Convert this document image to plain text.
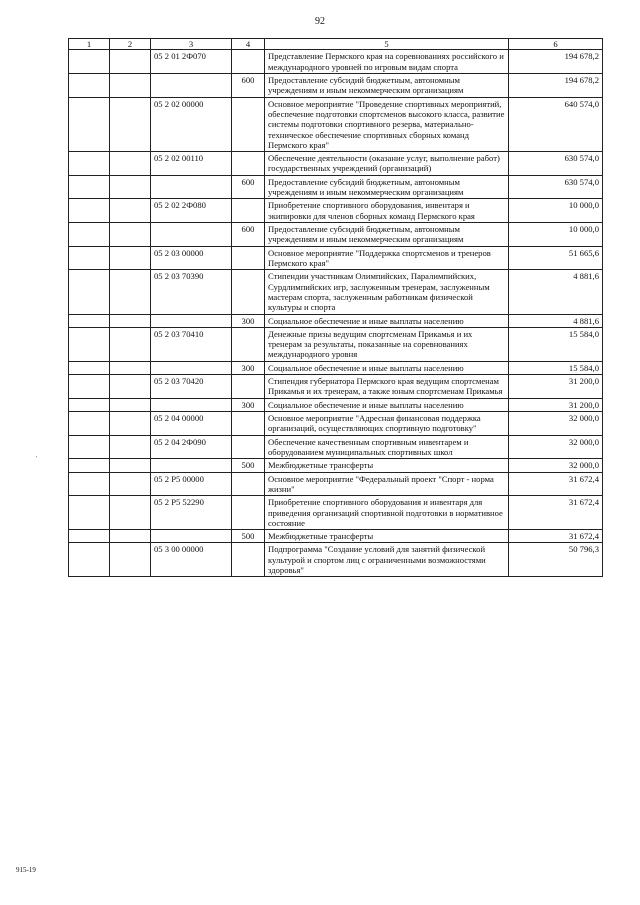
92
1	2	3	4	5	6
		05 2 01 2Ф070		Представление Пермского края на соревнованиях российского и международного уровней по игровым видам спорта	194 678,2
			600	Предоставление субсидий бюджетным, автономным учреждениям и иным некоммерческим организациям	194 678,2
		05 2 02 00000		Основное мероприятие "Проведение спортивных мероприятий, обеспечение подготовки спортсменов высокого класса, развитие системы подготовки спортивного резерва, материально-техническое обеспечение спортивных сборных команд Пермского края"	640 574,0
		05 2 02 00110		Обеспечение деятельности (оказание услуг, выполнение работ) государственных учреждений (организаций)	630 574,0
			600	Предоставление субсидий бюджетным, автономным учреждениям и иным некоммерческим организациям	630 574,0
		05 2 02 2Ф080		Приобретение спортивного оборудования, инвентаря и экипировки для членов сборных команд Пермского края	10 000,0
			600	Предоставление субсидий бюджетным, автономным учреждениям и иным некоммерческим организациям	10 000,0
		05 2 03 00000		Основное мероприятие "Поддержка спортсменов и тренеров Пермского края"	51 665,6
		05 2 03 70390		Стипендии участникам Олимпийских, Паралимпийских, Сурдлимпийских игр, заслуженным тренерам, заслуженным мастерам спорта, заслуженным работникам физической культуры и спорта	4 881,6
			300	Социальное обеспечение и иные выплаты населению	4 881,6
		05 2 03 70410		Денежные призы ведущим спортсменам Прикамья и их тренерам за результаты, показанные на соревнованиях международного уровня	15 584,0
			300	Социальное обеспечение и иные выплаты населению	15 584,0
		05 2 03 70420		Стипендия губернатора Пермского края ведущим спортсменам Прикамья и их тренерам, а также юным спортсменам Прикамья	31 200,0
			300	Социальное обеспечение и иные выплаты населению	31 200,0
		05 2 04 00000		Основное мероприятие "Адресная финансовая поддержка организаций, осуществляющих спортивную подготовку"	32 000,0
		05 2 04 2Ф090		Обеспечение качественным спортивным инвентарем и оборудованием муниципальных спортивных школ	32 000,0
			500	Межбюджетные трансферты	32 000,0
		05 2 Р5 00000		Основное мероприятие "Федеральный проект "Спорт - норма жизни"	31 672,4
		05 2 Р5 52290		Приобретение спортивного оборудования и инвентаря для приведения организаций спортивной подготовки в нормативное состояние	31 672,4
			500	Межбюджетные трансферты	31 672,4
		05 3 00 00000		Подпрограмма "Создание условий для занятий физической культурой и спортом лиц с ограниченными возможностями здоровья"	50 796,3
'
915-19
